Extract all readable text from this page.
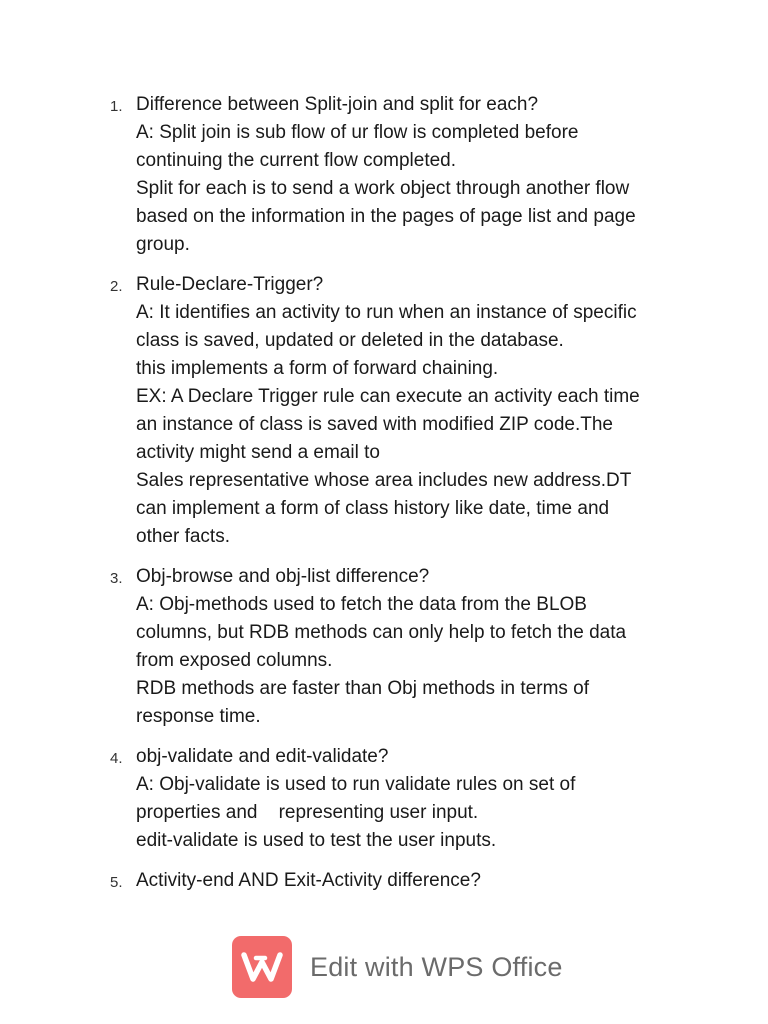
1. Difference between Split-join and split for each?
A: Split join is sub flow of ur flow is completed before
continuing the current flow completed.
Split for each is to send a work object through another flow
based on the information in the pages of page list and page
group.
2. Rule-Declare-Trigger?
A: It identifies an activity to run when an instance of specific
class is saved, updated or deleted in the database.
this implements a form of forward chaining.
EX: A Declare Trigger rule can execute an activity each time
an instance of class is saved with modified ZIP code.The
activity might send a email to
Sales representative whose area includes new address.DT
can implement a form of class history like date, time and
other facts.
3. Obj-browse and obj-list difference?
A: Obj-methods used to fetch the data from the BLOB
columns, but RDB methods can only help to fetch the data
from exposed columns.
RDB methods are faster than Obj methods in terms of
response time.
4. obj-validate and edit-validate?
A: Obj-validate is used to run validate rules on set of
properties and    representing user input.
edit-validate is used to test the user inputs.
5. Activity-end AND Exit-Activity difference?
Edit with WPS Office
